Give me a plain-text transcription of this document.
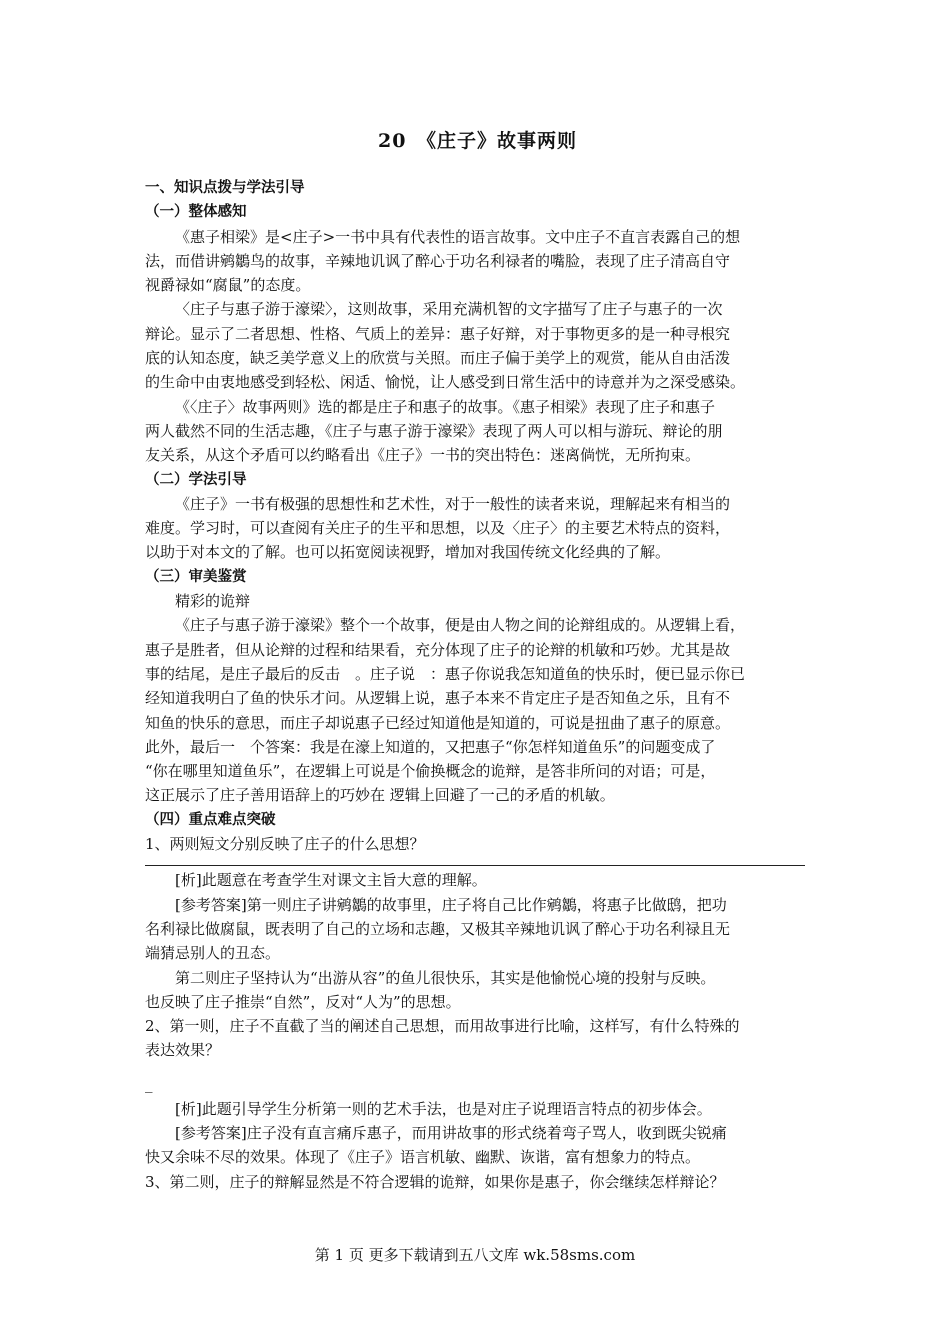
20　《庄子》故事两则
一、知识点拨与学法引导
（一）整体感知
《惠子相梁》是<庄子>一书中具有代表性的语言故事。文中庄子不直言表露自己的想
法，而借讲鹓鶵鸟的故事，辛辣地讥讽了醉心于功名利禄者的嘴脸，表现了庄子清高自守
视爵禄如“腐鼠”的态度。
〈庄子与惠子游于濠梁〉，这则故事，采用充满机智的文字描写了庄子与惠子的一次
辩论。显示了二者思想、性格、气质上的差异：惠子好辩，对于事物更多的是一种寻根究
底的认知态度，缺乏美学意义上的欣赏与关照。而庄子偏于美学上的观赏，能从自由活泼
的生命中由衷地感受到轻松、闲适、愉悦，让人感受到日常生活中的诗意并为之深受感染。
《〈庄子〉故事两则》选的都是庄子和惠子的故事。《惠子相梁》表现了庄子和惠子
两人截然不同的生活志趣，《庄子与惠子游于濠梁》表现了两人可以相与游玩、辩论的朋
友关系，从这个矛盾可以约略看出《庄子》一书的突出特色：迷离倘恍，无所拘束。
（二）学法引导
《庄子》一书有极强的思想性和艺术性，对于一般性的读者来说，理解起来有相当的
难度。学习时，可以查阅有关庄子的生平和思想，以及〈庄子〉的主要艺术特点的资料，
以助于对本文的了解。也可以拓宽阅读视野，增加对我国传统文化经典的了解。
（三）审美鉴赏
精彩的诡辩
《庄子与惠子游于濠梁》整个一个故事，便是由人物之间的论辩组成的。从逻辑上看，
惠子是胜者，但从论辩的过程和结果看，充分体现了庄子的论辩的机敏和巧妙。尤其是故
事的结尾，是庄子最后的反击　。庄子说　：惠子你说我怎知道鱼的快乐时，便已显示你已
经知道我明白了鱼的快乐才问。从逻辑上说，惠子本来不肯定庄子是否知鱼之乐，且有不
知鱼的快乐的意思，而庄子却说惠子已经过知道他是知道的，可说是扭曲了惠子的原意。
此外，最后一　个答案：我是在濠上知道的，又把惠子“你怎样知道鱼乐”的问题变成了
“你在哪里知道鱼乐”，在逻辑上可说是个偷换概念的诡辩，是答非所问的对语；可是，
这正展示了庄子善用语辞上的巧妙在 逻辑上回避了一己的矛盾的机敏。
（四）重点难点突破
1、两则短文分别反映了庄子的什么思想？
[析]此题意在考查学生对课文主旨大意的理解。
[参考答案]第一则庄子讲鹓鶵的故事里，庄子将自己比作鹓鶵，将惠子比做鸱，把功
名利禄比做腐鼠，既表明了自己的立场和志趣，又极其辛辣地讥讽了醉心于功名利禄且无
端猜忌别人的丑态。
第二则庄子坚持认为“出游从容”的鱼儿很快乐，其实是他愉悦心境的投射与反映。
也反映了庄子推崇“自然”，反对“人为”的思想。
2、第一则，庄子不直截了当的阐述自己思想，而用故事进行比喻，这样写，有什么特殊的
表达效果？
_
[析]此题引导学生分析第一则的艺术手法，也是对庄子说理语言特点的初步体会。
[参考答案]庄子没有直言痛斥惠子，而用讲故事的形式绕着弯子骂人，收到既尖锐痛
快又余味不尽的效果。体现了《庄子》语言机敏、幽默、诙谐，富有想象力的特点。
3、第二则，庄子的辩解显然是不符合逻辑的诡辩，如果你是惠子，你会继续怎样辩论？
第 1 页 更多下载请到五八文库 wk.58sms.com
